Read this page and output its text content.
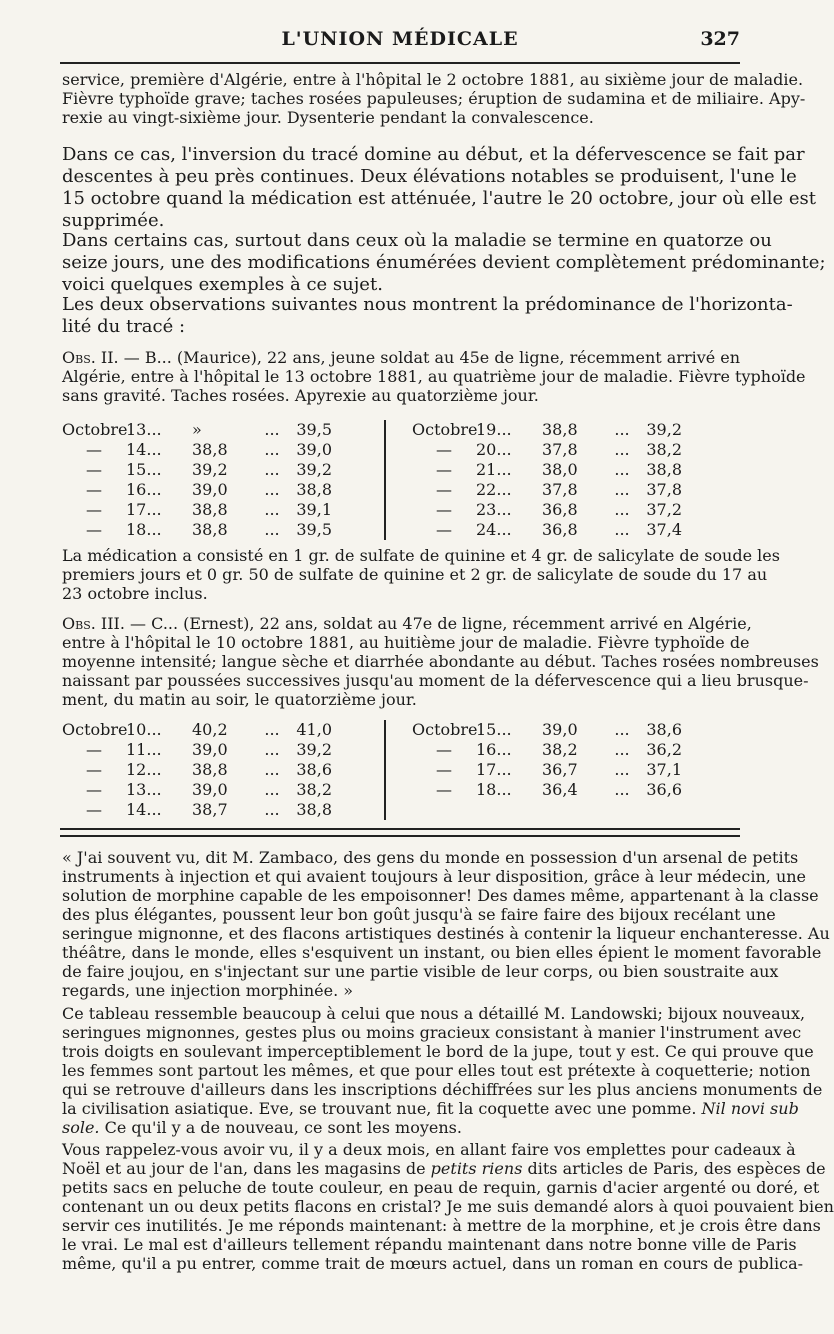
L'UNION MÉDICALE	327
service, première d'Algérie, entre à l'hôpital le 2 octobre 1881, au sixième jour de maladie.
Fièvre typhoïde grave; taches rosées papuleuses; éruption de sudamina et de miliaire. Apy-
rexie au vingt-sixième jour. Dysenterie pendant la convalescence.
Dans ce cas, l'inversion du tracé domine au début, et la défervescence se fait par
descentes à peu près continues. Deux élévations notables se produisent, l'une le
15 octobre quand la médication est atténuée, l'autre le 20 octobre, jour où elle est
supprimée.
Dans certains cas, surtout dans ceux où la maladie se termine en quatorze ou
seize jours, une des modifications énumérées devient complètement prédominante;
voici quelques exemples à ce sujet.
Les deux observations suivantes nous montrent la prédominance de l'horizonta-
lité du tracé :
Obs. II. — B... (Maurice), 22 ans, jeune soldat au 45e de ligne, récemment arrivé en
Algérie, entre à l'hôpital le 13 octobre 1881, au quatrième jour de maladie. Fièvre typhoïde
sans gravité. Taches rosées. Apyrexie au quatorzième jour.
Octobre13... »	... 39,5
— 14... 38,8 ... 39,0
— 15... 39,2 ... 39,2
— 16... 39,0 ... 38,8
— 17... 38,8 ... 39,1
— 18... 38,8 ... 39,5
Octobre19... 38,8 ... 39,2
— 20... 37,8 ... 38,2
— 21... 38,0 ... 38,8
— 22... 37,8 ... 37,8
— 23... 36,8 ... 37,2
— 24... 36,8 ... 37,4
La médication a consisté en 1 gr. de sulfate de quinine et 4 gr. de salicylate de soude les
premiers jours et 0 gr. 50 de sulfate de quinine et 2 gr. de salicylate de soude du 17 au
23 octobre inclus.
Obs. III. — C... (Ernest), 22 ans, soldat au 47e de ligne, récemment arrivé en Algérie,
entre à l'hôpital le 10 octobre 1881, au huitième jour de maladie. Fièvre typhoïde de
moyenne intensité; langue sèche et diarrhée abondante au début. Taches rosées nombreuses
naissant par poussées successives jusqu'au moment de la défervescence qui a lieu brusque-
ment, du matin au soir, le quatorzième jour.
Octobre10... 40,2 ... 41,0
— 11... 39,0 ... 39,2
— 12... 38,8 ... 38,6
— 13... 39,0 ... 38,2
— 14... 38,7 ... 38,8
Octobre15... 39,0 ... 38,6
— 16... 38,2 ... 36,2
— 17... 36,7 ... 37,1
— 18... 36,4 ... 36,6
« J'ai souvent vu, dit M. Zambaco, des gens du monde en possession d'un arsenal de petits
instruments à injection et qui avaient toujours à leur disposition, grâce à leur médecin, une
solution de morphine capable de les empoisonner! Des dames même, appartenant à la classe
des plus élégantes, poussent leur bon goût jusqu'à se faire faire des bijoux recélant une
seringue mignonne, et des flacons artistiques destinés à contenir la liqueur enchanteresse. Au
théâtre, dans le monde, elles s'esquivent un instant, ou bien elles épient le moment favorable
de faire joujou, en s'injectant sur une partie visible de leur corps, ou bien soustraite aux
regards, une injection morphinée. »
Ce tableau ressemble beaucoup à celui que nous a détaillé M. Landowski; bijoux nouveaux,
seringues mignonnes, gestes plus ou moins gracieux consistant à manier l'instrument avec
trois doigts en soulevant imperceptiblement le bord de la jupe, tout y est. Ce qui prouve que
les femmes sont partout les mêmes, et que pour elles tout est prétexte à coquetterie; notion
qui se retrouve d'ailleurs dans les inscriptions déchiffrées sur les plus anciens monuments de
la civilisation asiatique. Eve, se trouvant nue, fit la coquette avec une pomme. Nil novi sub
sole. Ce qu'il y a de nouveau, ce sont les moyens.
Vous rappelez-vous avoir vu, il y a deux mois, en allant faire vos emplettes pour cadeaux à
Noël et au jour de l'an, dans les magasins de petits riens dits articles de Paris, des espèces de
petits sacs en peluche de toute couleur, en peau de requin, garnis d'acier argenté ou doré, et
contenant un ou deux petits flacons en cristal? Je me suis demandé alors à quoi pouvaient bien
servir ces inutilités. Je me réponds maintenant: à mettre de la morphine, et je crois être dans
le vrai. Le mal est d'ailleurs tellement répandu maintenant dans notre bonne ville de Paris
même, qu'il a pu entrer, comme trait de mœurs actuel, dans un roman en cours de publica-
